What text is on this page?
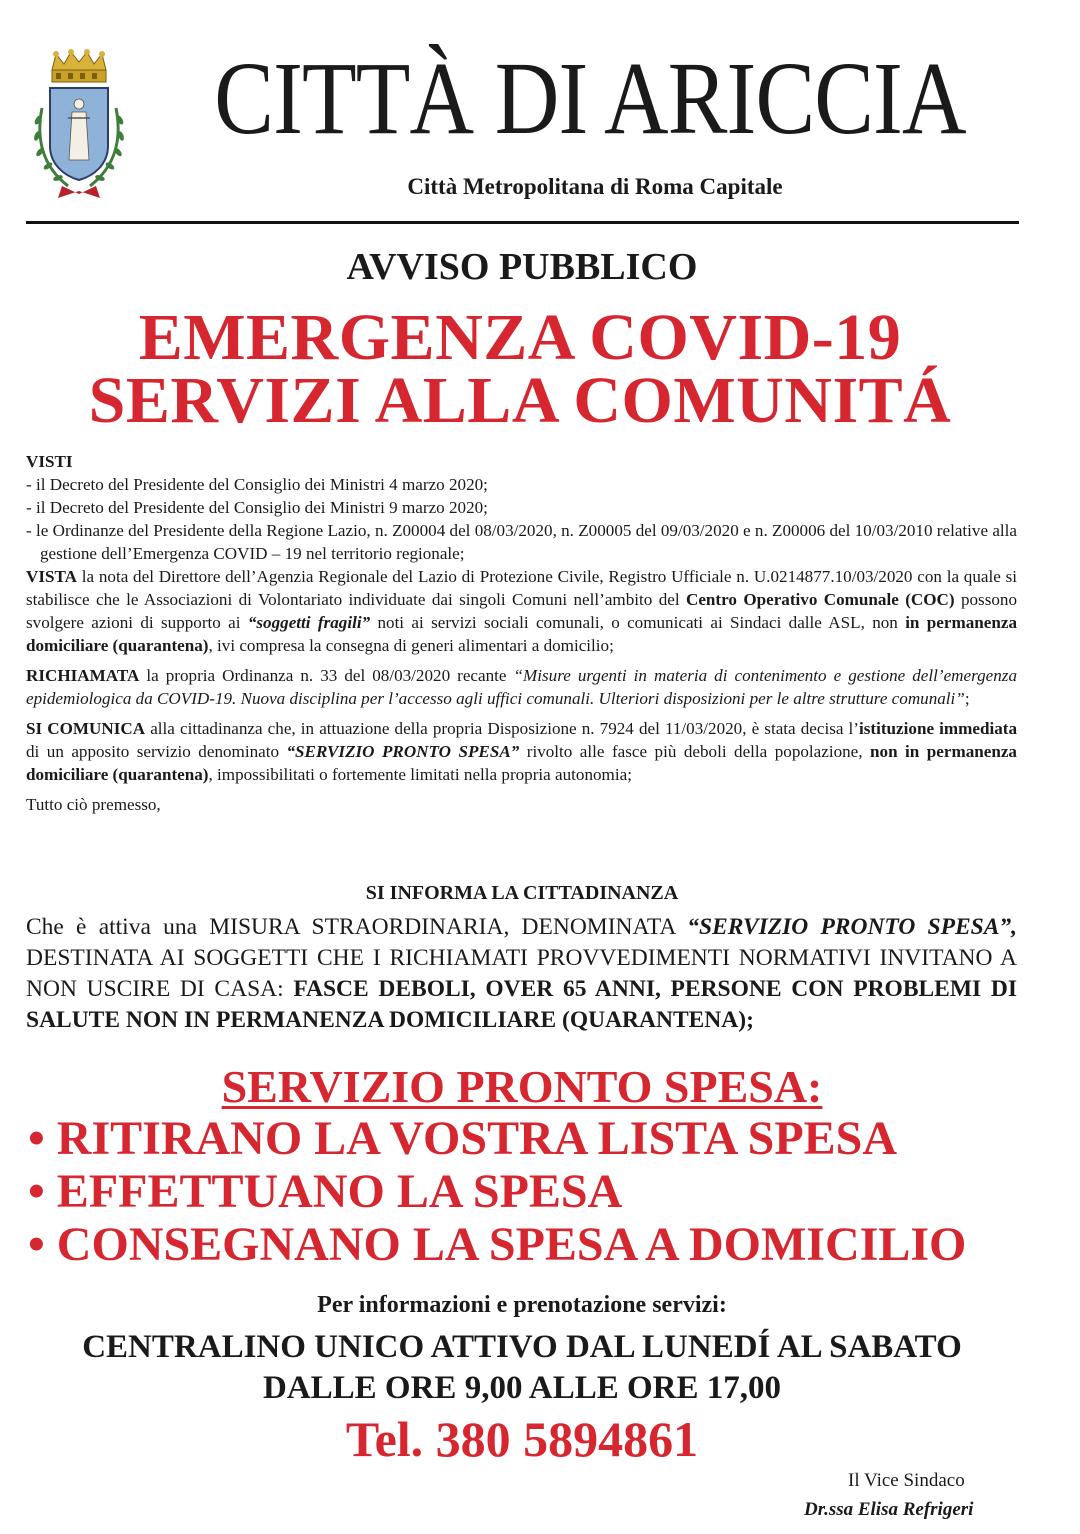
CITTÀ DI ARICCIA
Città Metropolitana di Roma Capitale
AVVISO PUBBLICO
EMERGENZA COVID-19
SERVIZI ALLA COMUNITÁ
VISTI
- il Decreto del Presidente del Consiglio dei Ministri 4 marzo 2020;
- il Decreto del Presidente del Consiglio dei Ministri 9 marzo 2020;

- le Ordinanze del Presidente della Regione Lazio, n. Z00004 del 08/03/2020, n. Z00005 del 09/03/2020 e n. Z00006 del 10/03/2010 relative alla gestione dell’Emergenza COVID – 19 nel territorio regionale;

VISTA la nota del Direttore dell’Agenzia Regionale del Lazio di Protezione Civile, Registro Ufficiale n. U.0214877.10/03/2020 con la quale si stabilisce che le Associazioni di Volontariato individuate dai singoli Comuni nell’ambito del Centro Operativo Comunale (COC) possono svolgere azioni di supporto ai “soggetti fragili” noti ai servizi sociali comunali, o comunicati ai Sindaci dalle ASL, non in permanenza domiciliare (quarantena), ivi compresa la consegna di generi alimentari a domicilio;

RICHIAMATA la propria Ordinanza n. 33 del 08/03/2020 recante “Misure urgenti in materia di contenimento e gestione dell’emergenza epidemiologica da COVID-19. Nuova disciplina per l’accesso agli uffici comunali. Ulteriori disposizioni per le altre strutture comunali”;

SI COMUNICA alla cittadinanza che, in attuazione della propria Disposizione n. 7924 del 11/03/2020, è stata decisa l’istituzione immediata di un apposito servizio denominato “SERVIZIO PRONTO SPESA” rivolto alle fasce più deboli della popolazione, non in permanenza domiciliare (quarantena), impossibilitati o fortemente limitati nella propria autonomia;

Tutto ciò premesso,

SI INFORMA LA CITTADINANZA
Che è attiva una MISURA STRAORDINARIA, DENOMINATA “SERVIZIO PRONTO SPESA”, DESTINATA AI SOGGETTI CHE I RICHIAMATI PROVVEDIMENTI NORMATIVI INVITANO A NON USCIRE DI CASA: FASCE DEBOLI, OVER 65 ANNI, PERSONE CON PROBLEMI DI SALUTE NON IN PERMANENZA DOMICILIARE (QUARANTENA);
SERVIZIO PRONTO SPESA:
• RITIRANO LA VOSTRA LISTA SPESA
• EFFETTUANO LA SPESA
• CONSEGNANO LA SPESA A DOMICILIO
Per informazioni e prenotazione servizi:
CENTRALINO UNICO ATTIVO DAL LUNEDÍ AL SABATO
DALLE ORE 9,00 ALLE ORE 17,00
Tel. 380 5894861
Il Vice Sindaco
Dr.ssa Elisa Refrigeri
